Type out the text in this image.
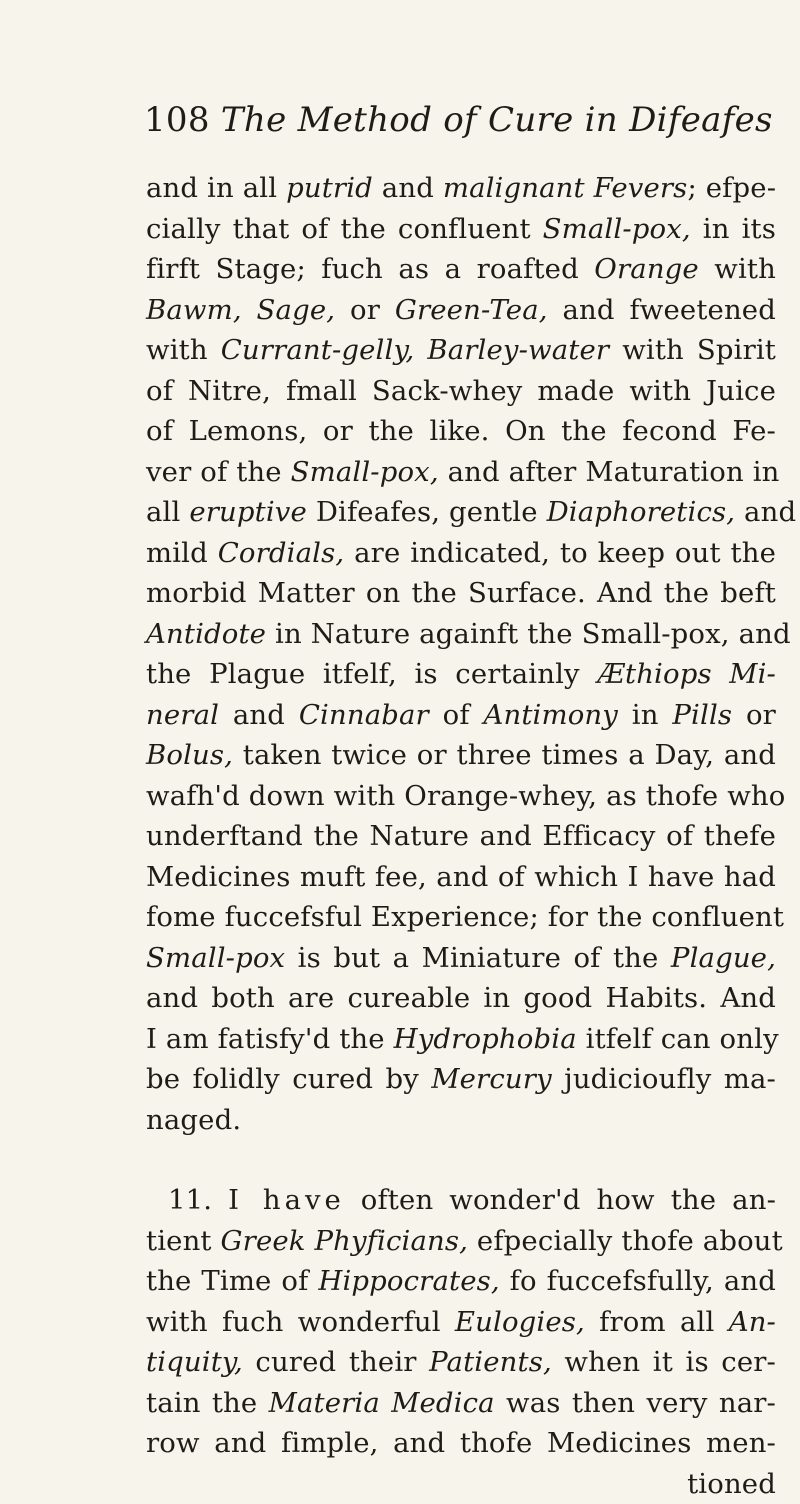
108 The Method of Cure in Difeafes
and in all putrid and malignant Fevers; efpe-
cially that of the confluent Small-pox, in its
firft Stage; fuch as a roafted Orange with
Bawm, Sage, or Green-Tea, and fweetened
with Currant-gelly, Barley-water with Spirit
of Nitre, fmall Sack-whey made with Juice
of Lemons, or the like. On the fecond Fe-
ver of the Small-pox, and after Maturation in
all eruptive Difeafes, gentle Diaphoretics, and
mild Cordials, are indicated, to keep out the
morbid Matter on the Surface. And the beft
Antidote in Nature againft the Small-pox, and
the Plague itfelf, is certainly Æthiops Mi-
neral and Cinnabar of Antimony in Pills or
Bolus, taken twice or three times a Day, and
wafh'd down with Orange-whey, as thofe who
underftand the Nature and Efficacy of thefe
Medicines muft fee, and of which I have had
fome fuccefsful Experience; for the confluent
Small-pox is but a Miniature of the Plague,
and both are cureable in good Habits. And
I am fatisfy'd the Hydrophobia itfelf can only
be folidly cured by Mercury judicioufly ma-
naged.
11. I have often wonder'd how the an-
tient Greek Phyficians, efpecially thofe about
the Time of Hippocrates, fo fuccefsfully, and
with fuch wonderful Eulogies, from all An-
tiquity, cured their Patients, when it is cer-
tain the Materia Medica was then very nar-
row and fimple, and thofe Medicines men-
tioned
